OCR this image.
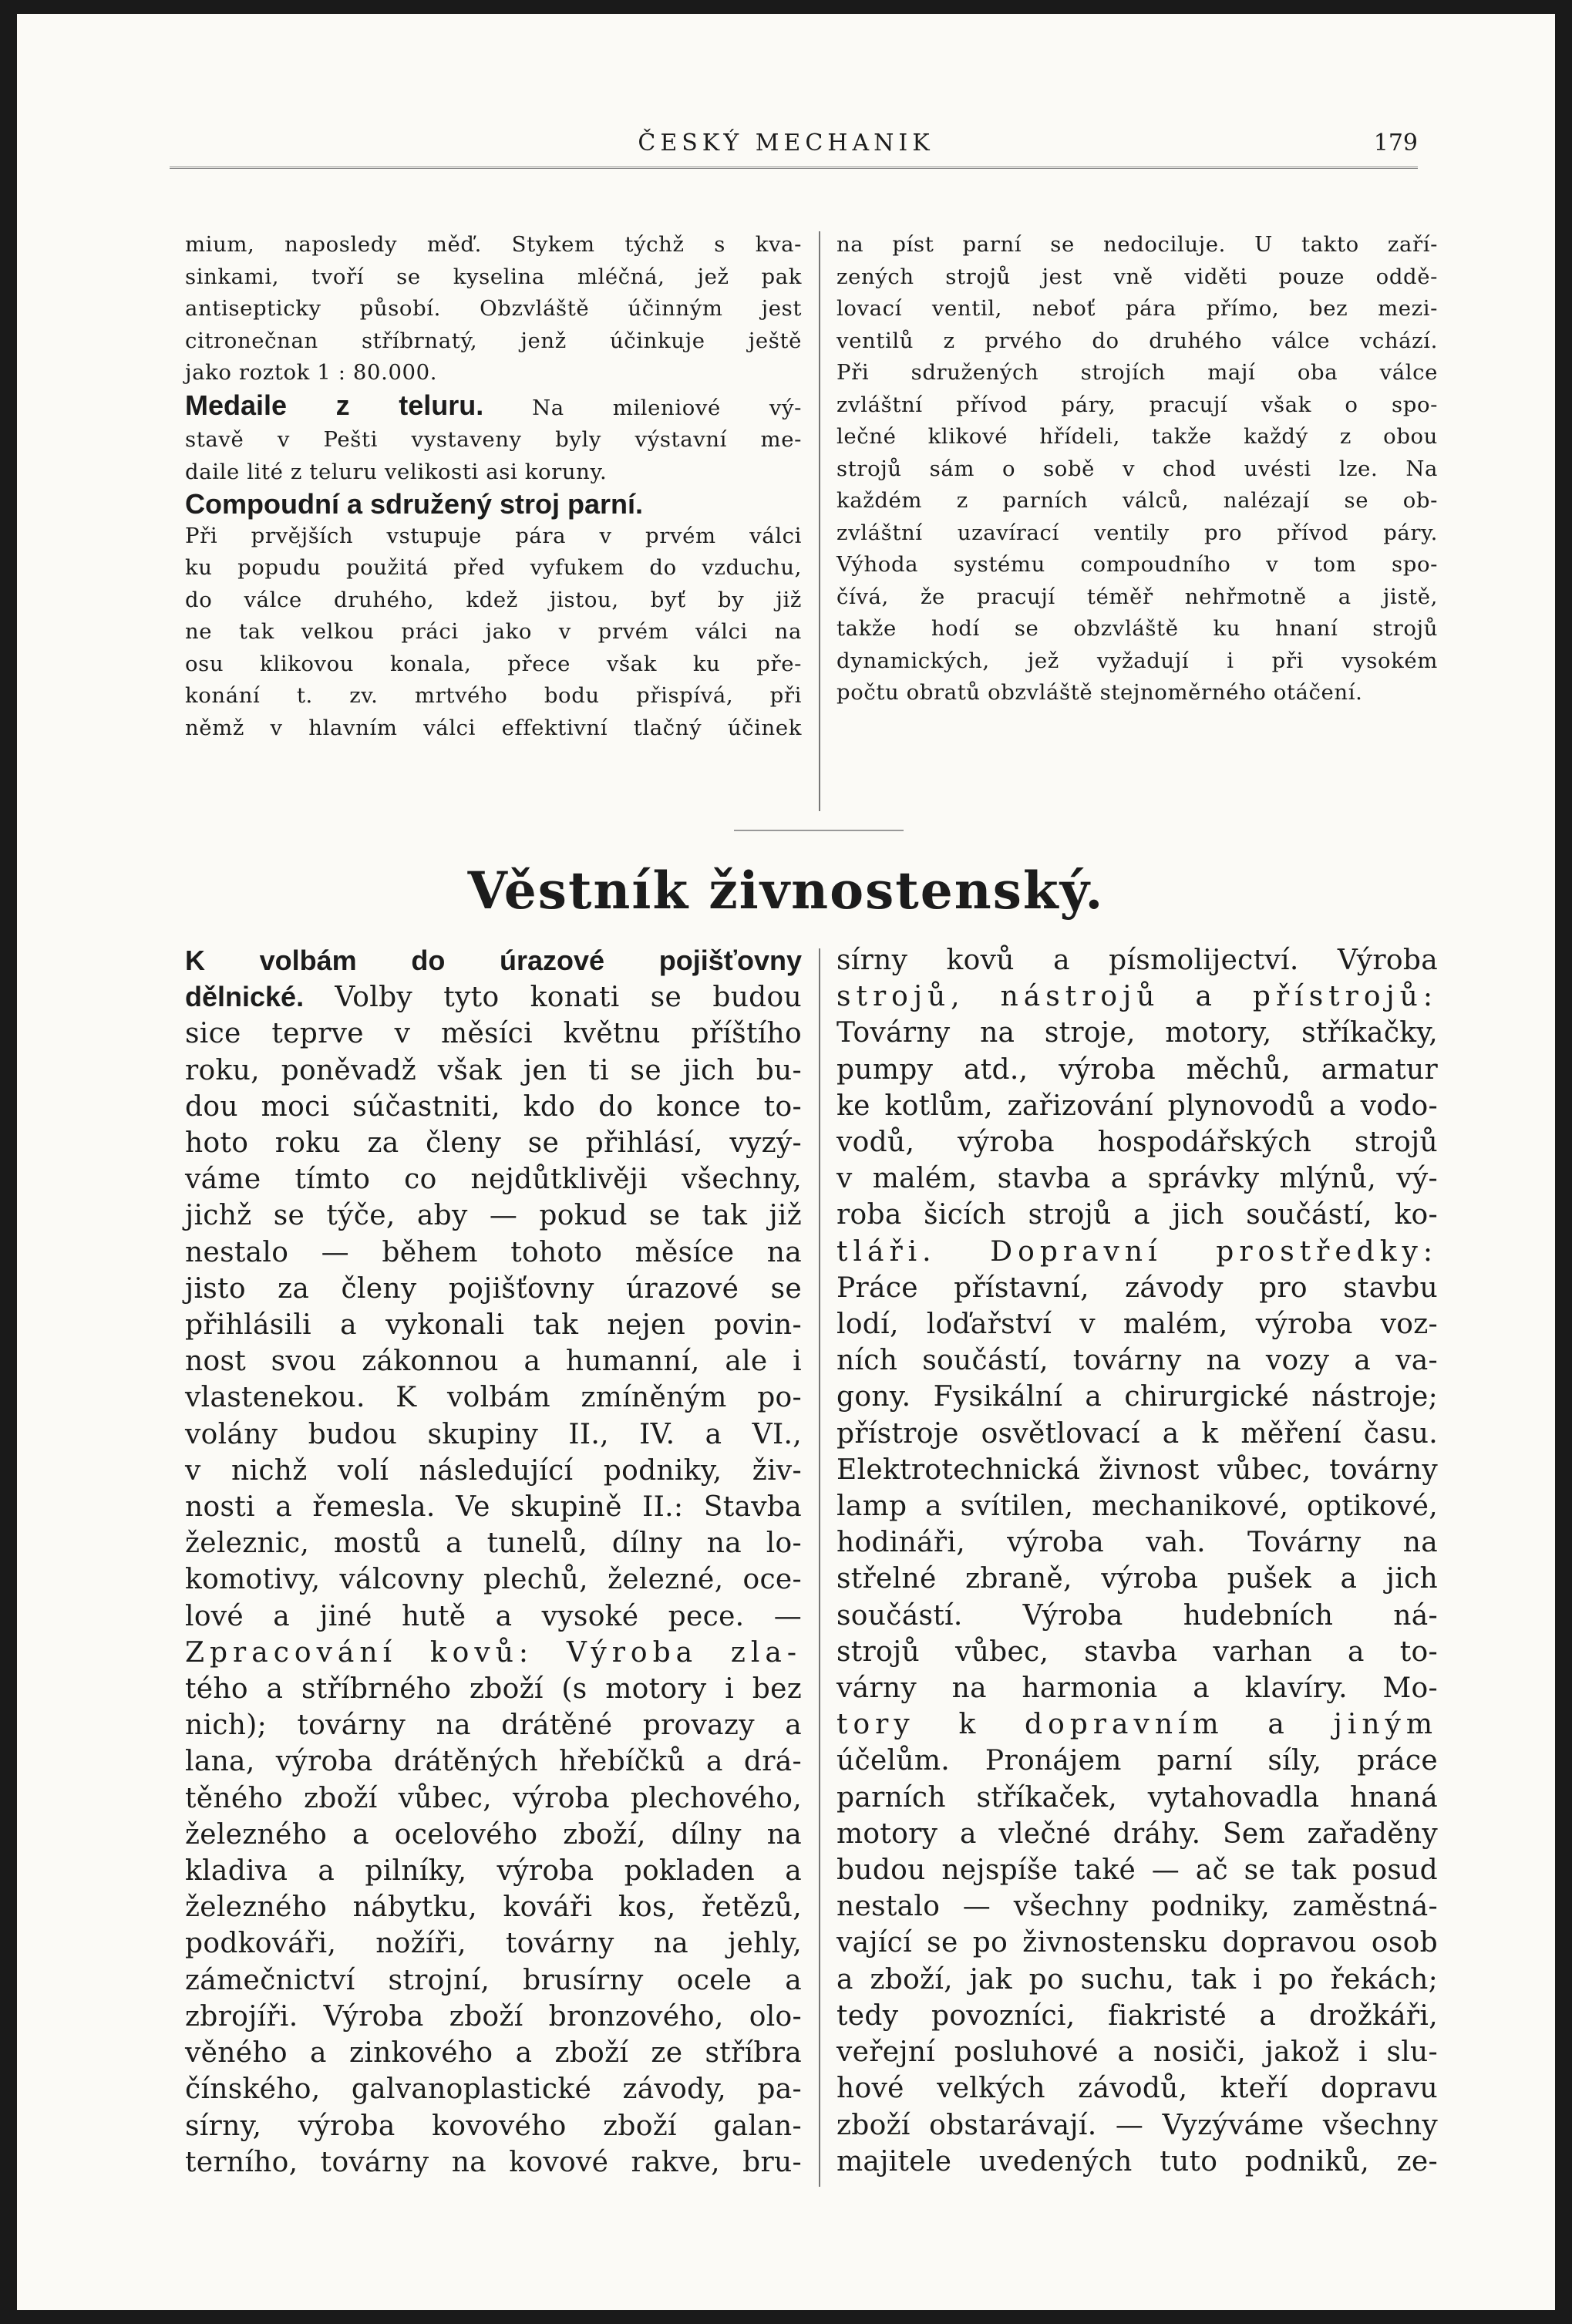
ČESKÝ MECHANIK	179
mium, naposledy měď. Stykem týchž s kva-
sinkami, tvoří se kyselina mléčná, jež pak
antisepticky působí. Obzvláště účinným jest
citronečnan stříbrnatý, jenž účinkuje ještě
jako roztok 1 : 80.000.
Medaile z teluru. Na mileniové vý-
stavě v Pešti vystaveny byly výstavní me-
daile lité z teluru velikosti asi koruny.
Compoudní a sdružený stroj parní.
Při prvějších vstupuje pára v prvém válci
ku popudu použitá před vyfukem do vzduchu,
do válce druhého, kdež jistou, byť by již
ne tak velkou práci jako v prvém válci na
osu klikovou konala, přece však ku pře-
konání t. zv. mrtvého bodu přispívá, při
němž v hlavním válci effektivní tlačný účinek
na píst parní se nedociluje. U takto zaří-
zených strojů jest vně viděti pouze oddě-
lovací ventil, neboť pára přímo, bez mezi-
ventilů z prvého do druhého válce vchází.
Při sdružených strojích mají oba válce
zvláštní přívod páry, pracují však o spo-
lečné klikové hřídeli, takže každý z obou
strojů sám o sobě v chod uvésti lze. Na
každém z parních válců, nalézají se ob-
zvláštní uzavírací ventily pro přívod páry.
Výhoda systému compoudního v tom spo-
čívá, že pracují téměř nehřmotně a jistě,
takže hodí se obzvláště ku hnaní strojů
dynamických, jež vyžadují i při vysokém
počtu obratů obzvláště stejnoměrného otáčení.
Věstník živnostenský.
K volbám do úrazové pojišťovny
dělnické. Volby tyto konati se budou
sice teprve v měsíci květnu příštího
roku, poněvadž však jen ti se jich bu-
dou moci súčastniti, kdo do konce to-
hoto roku za členy se přihlásí, vyzý-
váme tímto co nejdůtklivěji všechny,
jichž se týče, aby — pokud se tak již
nestalo — během tohoto měsíce na
jisto za členy pojišťovny úrazové se
přihlásili a vykonali tak nejen povin-
nost svou zákonnou a humanní, ale i
vlastenekou. K volbám zmíněným po-
volány budou skupiny II., IV. a VI.,
v nichž volí následující podniky, živ-
nosti a řemesla. Ve skupině II.: Stavba
železnic, mostů a tunelů, dílny na lo-
komotivy, válcovny plechů, železné, oce-
lové a jiné hutě a vysoké pece. —
Zpracování kovů: Výroba zla-
tého a stříbrného zboží (s motory i bez
nich); továrny na drátěné provazy a
lana, výroba drátěných hřebíčků a drá-
těného zboží vůbec, výroba plechového,
železného a ocelového zboží, dílny na
kladiva a pilníky, výroba pokladen a
železného nábytku, kováři kos, řetězů,
podkováři, nožíři, továrny na jehly,
zámečnictví strojní, brusírny ocele a
zbrojíři. Výroba zboží bronzového, olo-
věného a zinkového a zboží ze stříbra
čínského, galvanoplastické závody, pa-
sírny, výroba kovového zboží galan-
terního, továrny na kovové rakve, bru-
sírny kovů a písmolijectví. Výroba
strojů, nástrojů a přístrojů:
Továrny na stroje, motory, stříkačky,
pumpy atd., výroba měchů, armatur
ke kotlům, zařizování plynovodů a vodo-
vodů, výroba hospodářských strojů
v malém, stavba a správky mlýnů, vý-
roba šicích strojů a jich součástí, ko-
tláři. Dopravní prostředky:
Práce přístavní, závody pro stavbu
lodí, loďařství v malém, výroba voz-
ních součástí, továrny na vozy a va-
gony. Fysikální a chirurgické nástroje;
přístroje osvětlovací a k měření času.
Elektrotechnická živnost vůbec, továrny
lamp a svítilen, mechanikové, optikové,
hodináři, výroba vah. Továrny na
střelné zbraně, výroba pušek a jich
součástí. Výroba hudebních ná-
strojů vůbec, stavba varhan a to-
várny na harmonia a klavíry. Mo-
tory k dopravním a jiným
účelům. Pronájem parní síly, práce
parních stříkaček, vytahovadla hnaná
motory a vlečné dráhy. Sem zařaděny
budou nejspíše také — ač se tak posud
nestalo — všechny podniky, zaměstná-
vající se po živnostensku dopravou osob
a zboží, jak po suchu, tak i po řekách;
tedy povozníci, fiakristé a drožkáři,
veřejní posluhové a nosiči, jakož i slu-
hové velkých závodů, kteří dopravu
zboží obstarávají. — Vyzýváme všechny
majitele uvedených tuto podniků, ze-
